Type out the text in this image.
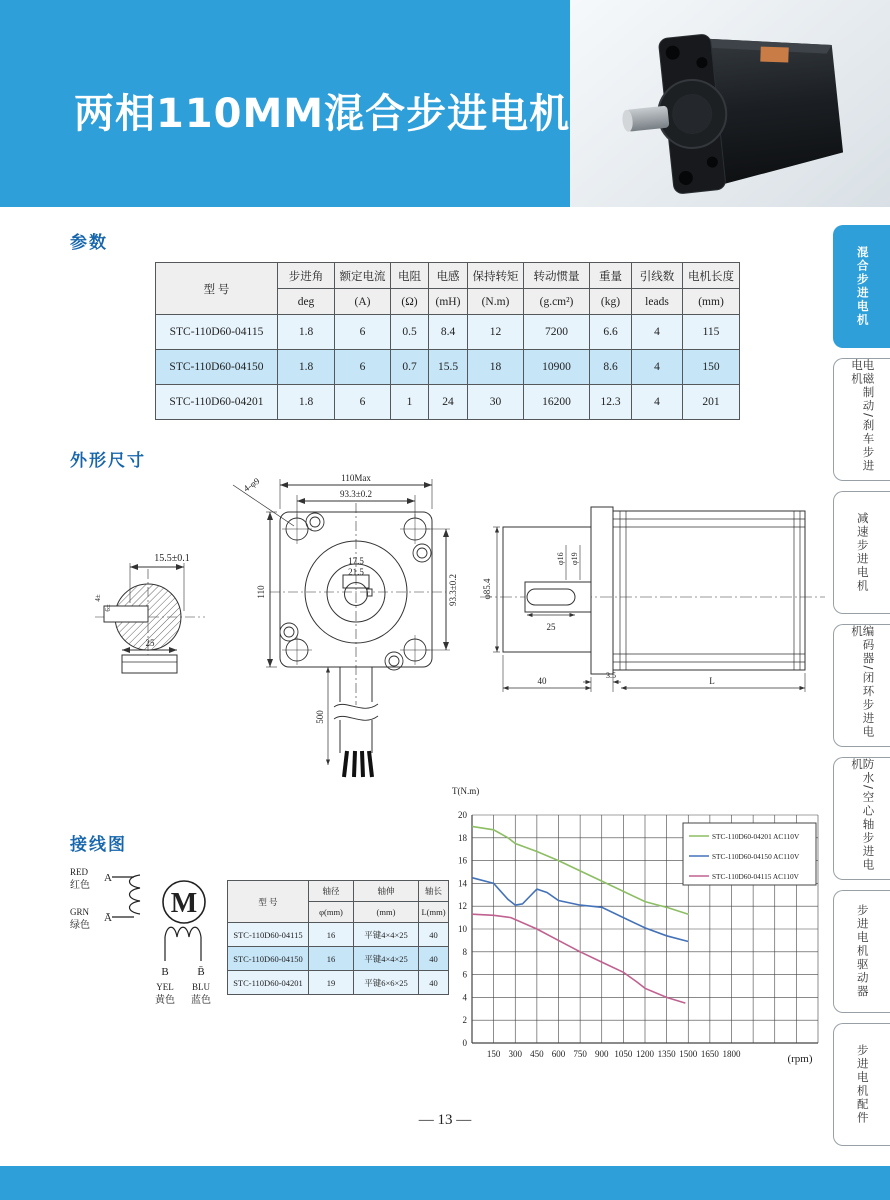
两相110MM混合步进电机
混合步进电机
电磁制动/刹车步进电机
减速步进电机
编码器/闭环步进电机
防水/空心轴步进电机
步进电机驱动器
步进电机配件
参数
外形尺寸
接线图
型 号	步进角	额定电流	电阻	电感	保持转矩	转动惯量	重量	引线数	电机长度
	deg	(A)	(Ω)	(mH)	(N.m)	(g.cm²)	(kg)	leads	(mm)
STC-110D60-04115	1.8	6	0.5	8.4	12	7200	6.6	4	115
STC-110D60-04150	1.8	6	0.7	15.5	18	10900	8.6	4	150
STC-110D60-04201	1.8	6	1	24	30	16200	12.3	4	201
15.5±0.1
4±
6±
25
17.5
21.5
110Max
93.3±0.2
110	93.3±0.2
4-φ9
500
φ85.4
φ16 φ19
25
40
3.5
L
RED
红色
A
GRN
绿色
Ā M
B	B̄
YEL
黄色
BLU
蓝色
型 号	轴径	轴伸	轴长
	φ(mm)	(mm)	L(mm)
STC-110D60-04115	16	平键4×4×25	40
STC-110D60-04150	16	平键4×4×25	40
STC-110D60-04201	19	平键6×6×25	40
0
2
4
6
8
10
12
14
16
18
20
150 300 450 600 750 900 1050 1200 1350 1500 1650 1800
T(N.m)
(rpm)
STC-110D60-04201 AC110V
STC-110D60-04150 AC110V
STC-110D60-04115 AC110V
— 13 —
